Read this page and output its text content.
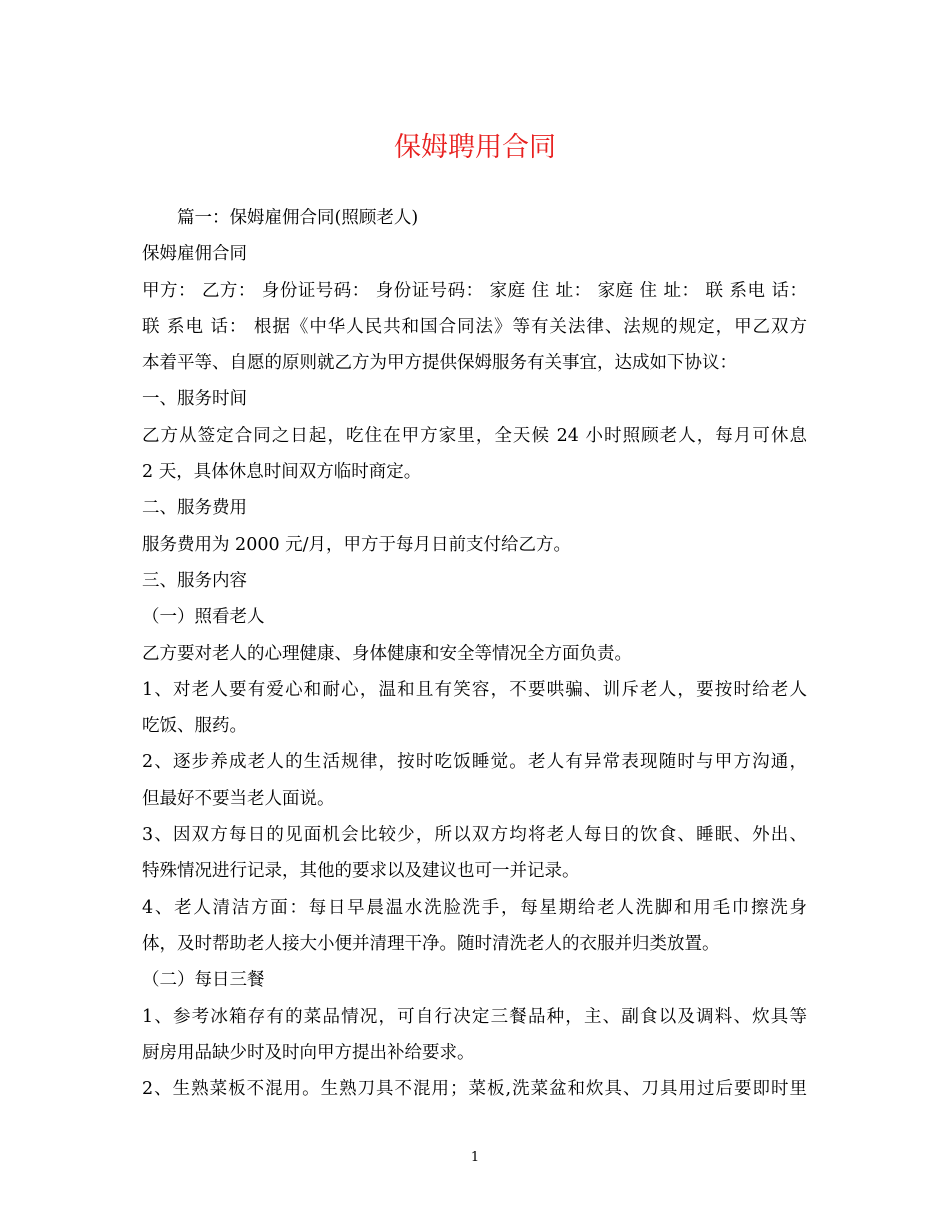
保姆聘用合同
篇一：保姆雇佣合同(照顾老人)
保姆雇佣合同
甲方： 乙方： 身份证号码： 身份证号码： 家庭 住 址： 家庭 住 址： 联 系电 话：
联 系电 话： 根据《中华人民共和国合同法》等有关法律、法规的规定，甲乙双方
本着平等、自愿的原则就乙方为甲方提供保姆服务有关事宜，达成如下协议：
一、服务时间
乙方从签定合同之日起，吃住在甲方家里，全天候 24 小时照顾老人，每月可休息
2 天，具体休息时间双方临时商定。
二、服务费用
服务费用为 2000 元/月，甲方于每月日前支付给乙方。
三、服务内容
（一）照看老人
乙方要对老人的心理健康、身体健康和安全等情况全方面负责。
1、对老人要有爱心和耐心，温和且有笑容，不要哄骗、训斥老人，要按时给老人
吃饭、服药。
2、逐步养成老人的生活规律，按时吃饭睡觉。老人有异常表现随时与甲方沟通，
但最好不要当老人面说。
3、因双方每日的见面机会比较少，所以双方均将老人每日的饮食、睡眠、外出、
特殊情况进行记录，其他的要求以及建议也可一并记录。
4、老人清洁方面：每日早晨温水洗脸洗手，每星期给老人洗脚和用毛巾擦洗身
体，及时帮助老人接大小便并清理干净。随时清洗老人的衣服并归类放置。
（二）每日三餐
1、参考冰箱存有的菜品情况，可自行决定三餐品种，主、副食以及调料、炊具等
厨房用品缺少时及时向甲方提出补给要求。
2、生熟菜板不混用。生熟刀具不混用；菜板,洗菜盆和炊具、刀具用过后要即时里
1
